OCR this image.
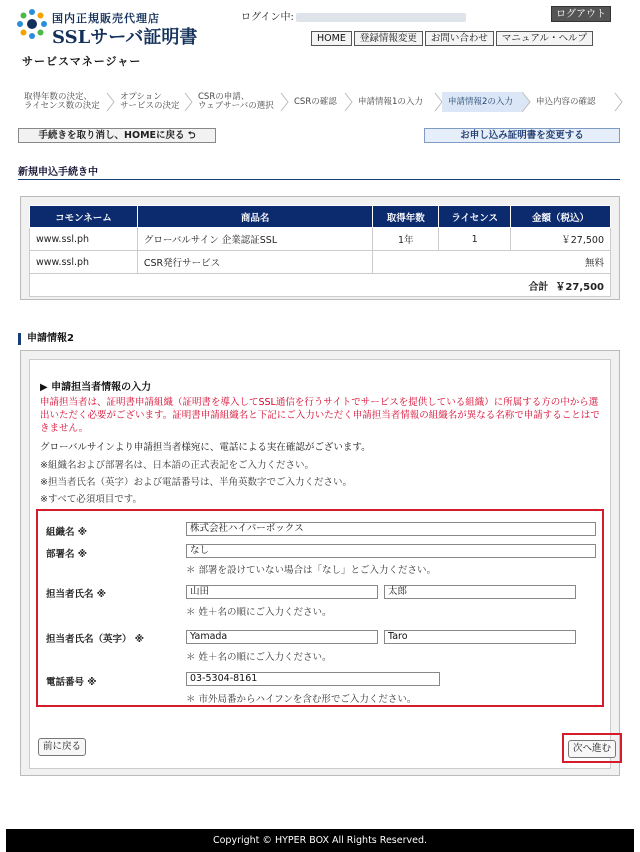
国内正規販売代理店
SSLサーバ証明書
ログイン中:	ログアウト
HOME	登録情報変更	お問い合わせ	マニュアル・ヘルプ
サービスマネージャー
取得年数の決定、
ライセンス数の決定
オプション
サービスの決定
CSRの申請、
ウェブサーバの選択 CSRの確認	申請情報1の入力	申請情報2の入力	申込内容の確認
手続きを取り消し、HOMEに戻る ⮌	お申し込み証明書を変更する
新規申込手続き中
コモンネーム	商品名	取得年数	ライセンス	金額（税込）
www.ssl.ph	グローバルサイン 企業認証SSL	1年	1	￥27,500
www.ssl.ph	CSR発行サービス	無料		
合計 ￥27,500				
申請情報2
▶ 申請担当者情報の入力
申請担当者は、証明書申請組織（証明書を導入してSSL通信を行うサイトでサービスを提供している組織）に所属する方の中から選出いただく必要がございます。証明書申請組織名と下記にご入力いただく申請担当者情報の組織名が異なる名称で申請することはできません。
グローバルサインより申請担当者様宛に、電話による実在確認がございます。
※組織名および部署名は、日本語の正式表記をご入力ください。
※担当者氏名（英字）および電話番号は、半角英数字でご入力ください。
※すべて必須項目です。
組織名 ※	株式会社ハイパーボックス
部署名 ※	なし
＊ 部署を設けていない場合は「なし」とご入力ください。
担当者氏名 ※	山田	太郎
＊ 姓＋名の順にご入力ください。
担当者氏名（英字） ※	Yamada	Taro
＊ 姓＋名の順にご入力ください。
電話番号 ※	03-5304-8161
＊ 市外局番からハイフンを含む形でご入力ください。
前に戻る	次へ進む
Copyright © HYPER BOX All Rights Reserved.
